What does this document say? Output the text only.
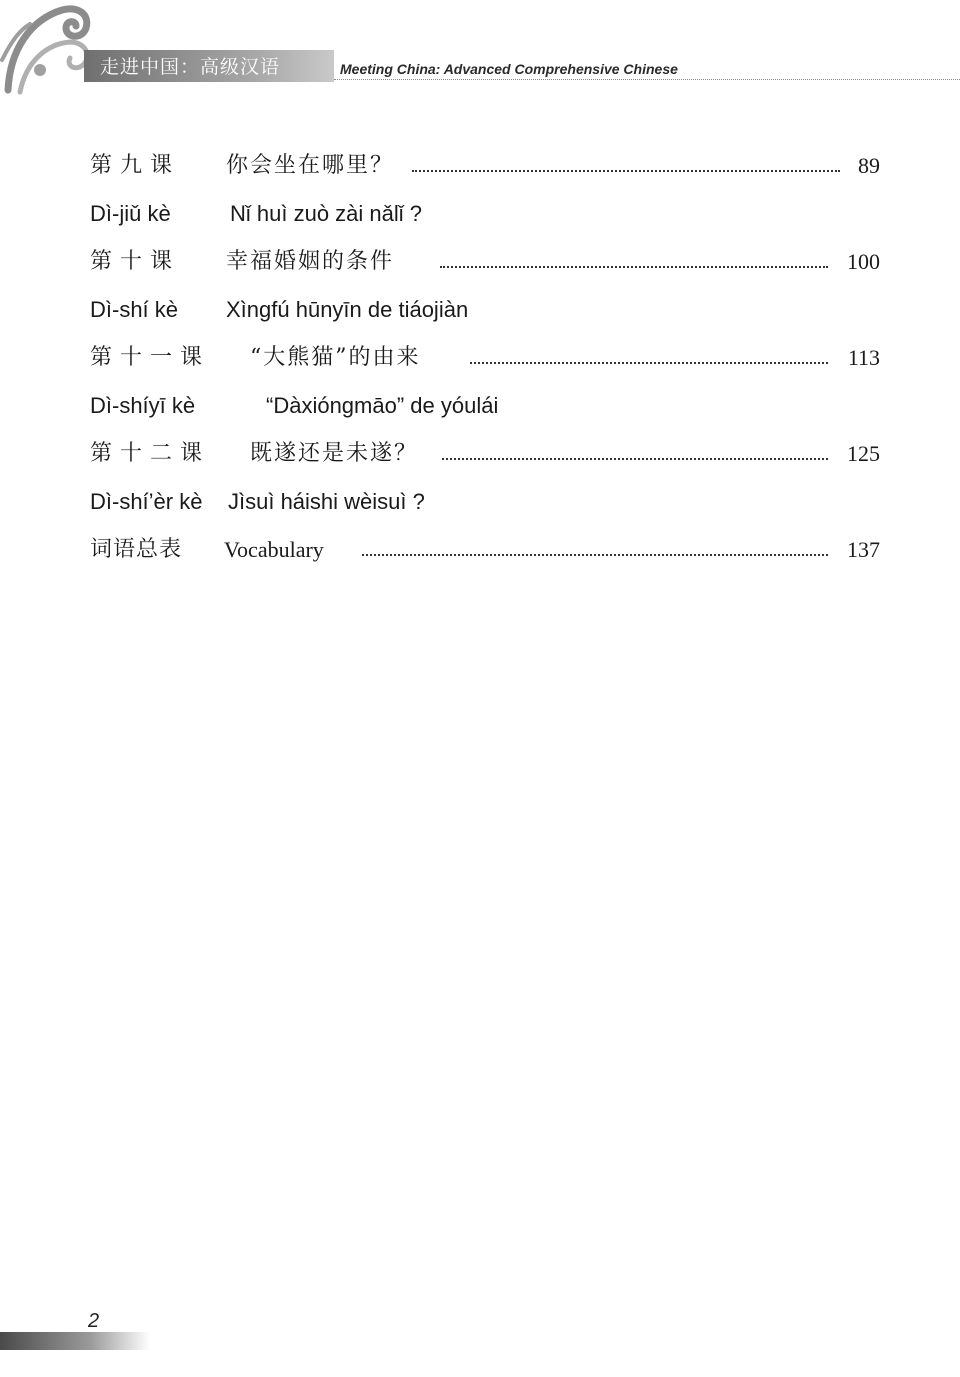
走进中国：高级汉语	Meeting China: Advanced Comprehensive Chinese
第九课 你会坐在哪里？	89
Dì-jiǔ kè	Nǐ huì zuò zài nǎlǐ ?
第十课 幸福婚姻的条件	100
Dì-shí kè Xìngfú hūnyīn de tiáojiàn
第十一课 “大熊猫”的由来	113
Dì-shíyī kè	“Dàxióngmāo” de yóulái
第十二课 既遂还是未遂？	125
Dì-shí’èr kè Jìsuì háishi wèisuì ?
词语总表 Vocabulary	137
2
